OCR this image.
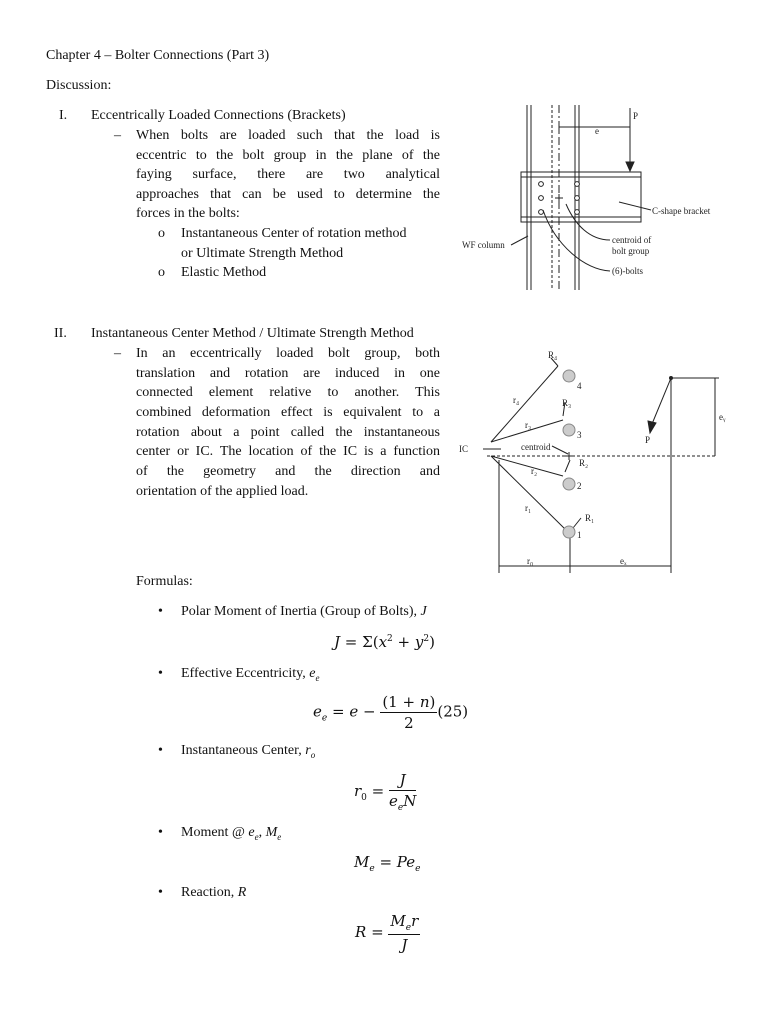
Chapter 4 – Bolter Connections (Part 3)
Discussion:
I. Eccentrically Loaded Connections (Brackets)
– When bolts are loaded such that the load is
eccentric to the bolt group in the plane of the
faying surface, there are two analytical
approaches that can be used to determine the
forces in the bolts:
o Instantaneous Center of rotation method
or Ultimate Strength Method
o Elastic Method
II. Instantaneous Center Method / Ultimate Strength Method
– In an eccentrically loaded bolt group, both
translation and rotation are induced in one
connected element relative to another. This
combined deformation effect is equivalent to a
rotation about a point called the instantaneous
center or IC. The location of the IC is a function
of the geometry and the direction and
orientation of the applied load.
Formulas:
• Polar Moment of Inertia (Group of Bolts), J
$J = \Sigma(x^2 + y^2)$
• Effective Eccentricity, $e_e$
$e_e = e - \frac{(1 + n)}{2} (25)$
• Instantaneous Center, $r_o$
$r_0 = \frac{J}{e_eN}$
• Moment @ $e_e$, $M_e$
$M_e = Pe_e$
• Reaction, R
$R = \frac{M_er}{J}$
P
e
C-shape bracket
WF column	centroid of
bolt group
(6)-bolts
IC	centroid
P
1
2
3
4
R₁
R₂
R₃
R₄
r₁
r₂
r₃
r₄
r₀	eₓ
eᵧ
